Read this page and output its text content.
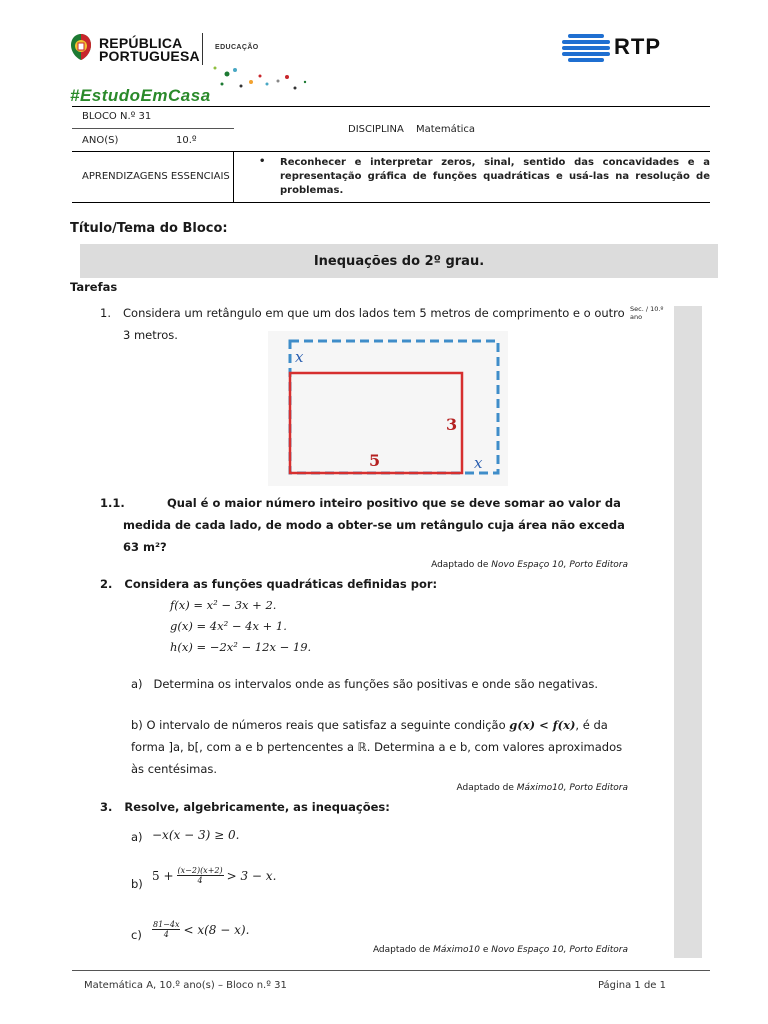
REPÚBLICA
PORTUGUESA
EDUCAÇÃO	RTP
#EstudoEmCasa
BLOCO N.º 31
ANO(S)	10.º
DISCIPLINA Matemática
APRENDIZAGENS ESSENCIAIS
• Reconhecer e interpretar zeros, sinal, sentido das concavidades e a
representação gráfica de funções quadráticas e usá-las na resolução de
problemas.
Título/Tema do Bloco:
Inequações do 2º grau.
Tarefas
Sec. / 10.º
ano
1. Considera um retângulo em que um dos lados tem 5 metros de comprimento e o outro
3 metros.
x
3
5	x
1.1.	Qual é o maior número inteiro positivo que se deve somar ao valor da
medida de cada lado, de modo a obter-se um retângulo cuja área não exceda
63 m²?
Adaptado de Novo Espaço 10, Porto Editora
2.   Considera as funções quadráticas definidas por:
f(x) = x² − 3x + 2.
g(x) = 4x² − 4x + 1.
h(x) = −2x² − 12x − 19.
a)   Determina os intervalos onde as funções são positivas e onde são negativas.
b) O intervalo de números reais que satisfaz a seguinte condição g(x) < f(x), é da
forma ]a, b[, com a e b pertencentes a ℝ. Determina a e b, com valores aproximados
às centésimas.
Adaptado de Máximo10, Porto Editora
3.   Resolve, algebricamente, as inequações:
a) −x(x − 3) ≥ 0.
b)
$5 + \frac{(x-2)(x+2)}{4} > 3 - x$.
c)
81−4x
4 < x(8 − x).
Adaptado de Máximo10 e Novo Espaço 10, Porto Editora
Matemática A, 10.º ano(s) – Bloco n.º 31	Página 1 de 1
